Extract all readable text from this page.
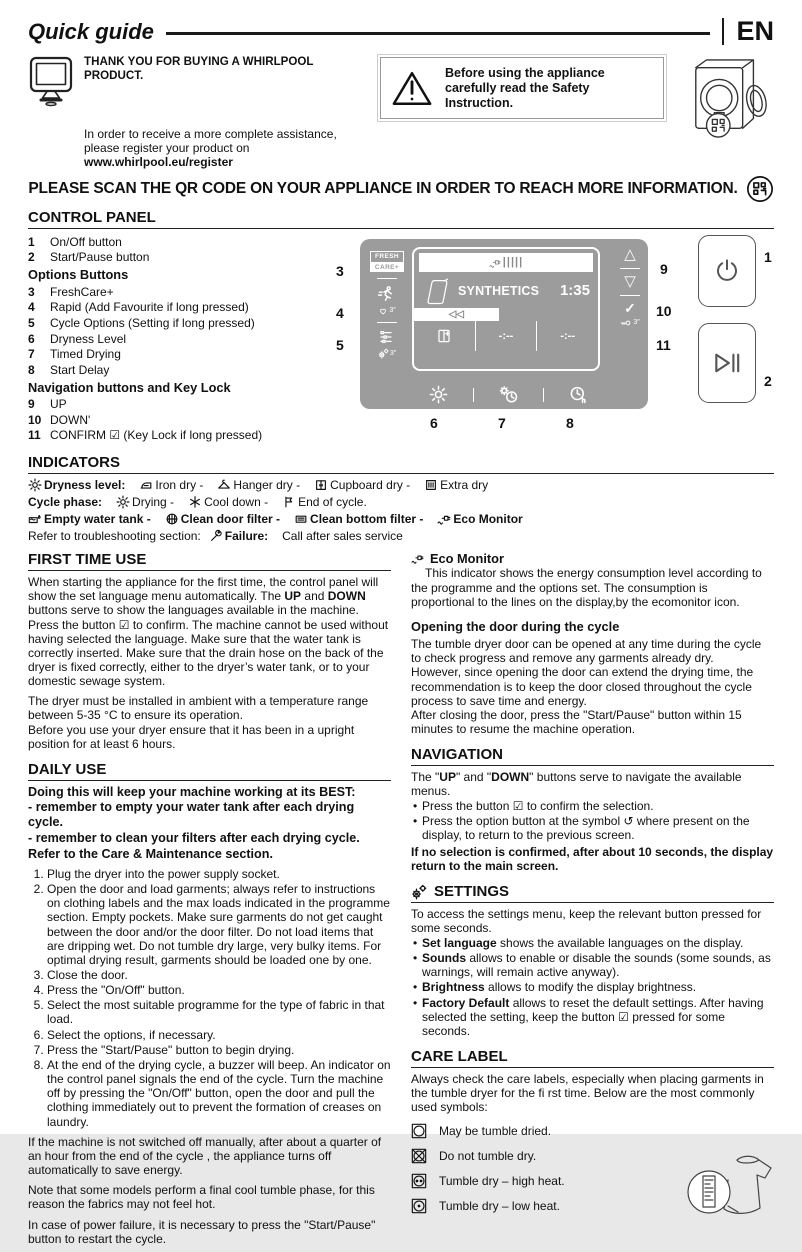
Quick guide	EN
THANK YOU FOR BUYING A WHIRLPOOL PRODUCT.
In order to receive a more complete assistance, please register your product on
www.whirlpool.eu/register
Before using the appliance carefully read the Safety Instruction.
PLEASE SCAN THE QR CODE ON YOUR APPLIANCE IN ORDER TO REACH MORE INFORMATION.
CONTROL PANEL
1	On/Off button
2	Start/Pause button
Options Buttons
3	FreshCare+
4	Rapid (Add Favourite if long pressed)
5	Cycle Options (Setting if long pressed)
6	Dryness Level
7	Timed Drying
8	Start Delay
Navigation buttons and Key Lock
9	UP
10 DOWN'
11 CONFIRM ☑ (Key Lock if long pressed)
3
4
5
9
10
11
6	7	8
1
2
FRESH
CARE+
3″
3″
|||||
SYNTHETICS 1:35
◁◁
-:--	-:--
△
▽
✓
3″
INDICATORS
Dryness level:	Iron dry -	Hanger dry -	Cupboard dry -	Extra dry
Cycle phase:	Drying -	Cool down -	End of cycle.
Empty water tank -	Clean door filter -	Clean bottom filter -	Eco Monitor
Refer to troubleshooting section: Failure: Call after sales service
FIRST TIME USE

When starting the appliance for the first time, the control panel will show the set language menu automatically. The UP and DOWN buttons serve to show the languages available in the machine. Press the button ☑ to confirm. The machine cannot be used without having selected the language. Make sure that the water tank is correctly inserted. Make sure that the drain hose on the back of the dryer is fixed correctly, either to the dryer’s water tank, or to your domestic sewage system.

The dryer must be installed in ambient with a temperature range between 5-35 °C to ensure its operation.

Before you use your dryer ensure that it has been in a upright position for at least 6 hours.

DAILY USE
Doing this will keep your machine working at its BEST:
- remember to empty your water tank after each drying cycle.
- remember to clean your filters after each drying cycle.
Refer to the Care & Maintenance section.
1. Plug the dryer into the power supply socket.
2. Open the door and load garments; always refer to instructions on clothing labels and the max loads indicated in the programme section. Empty pockets. Make sure garments do not get caught between the door and/or the door filter. Do not load items that are dripping wet. Do not tumble dry large, very bulky items. For optimal drying result, garments should be loaded one by one.
3. Close the door.
4. Press the "On/Off" button.
5. Select the most suitable programme for the type of fabric in that load.
6. Select the options, if necessary.
7. Press the "Start/Pause" button to begin drying.
8. At the end of the drying cycle, a buzzer will beep. An indicator on the control panel signals the end of the cycle. Turn the machine off by pressing the "On/Off" button, open the door and pull the clothing immediately out to prevent the formation of creases on laundry.

If the machine is not switched off manually, after about a quarter of an hour from the end of the cycle , the appliance turns off automatically to save energy.

Note that some models perform a final cool tumble phase, for this reason the fabrics may not feel hot.

In case of power failure, it is necessary to press the "Start/Pause" button to restart the cycle.

Eco Monitor

This indicator shows the energy consumption level according to the programme and the options set. The consumption is proportional to the lines on the display,by the ecomonitor icon.

Opening the door during the cycle

The tumble dryer door can be opened at any time during the cycle to check progress and remove any garments already dry.

However, since opening the door can extend the drying time, the recommendation is to keep the door closed throughout the cycle process to save time and energy.

After closing the door, press the "Start/Pause" button within 15 minutes to resume the machine operation.

NAVIGATION

The "UP" and "DOWN" buttons serve to navigate the available menus.

• Press the button ☑ to confirm the selection.
• Press the option button at the symbol ↺ where present on the display, to return to the previous screen.

If no selection is confirmed, after about 10 seconds, the display return to the main screen.

SETTINGS

To access the settings menu, keep the relevant button pressed for some seconds.

• Set language shows the available languages on the display.
• Sounds allows to enable or disable the sounds (some sounds, as warnings, will remain active anyway).
• Brightness allows to modify the display brightness.
• Factory Default allows to reset the default settings. After having selected the setting, keep the button ☑ pressed for some seconds.
CARE LABEL

Always check the care labels, especially when placing garments in the tumble dryer for the fi rst time. Below are the most commonly used symbols:

May be tumble dried.
Do not tumble dry.
Tumble dry – high heat.
Tumble dry – low heat.
